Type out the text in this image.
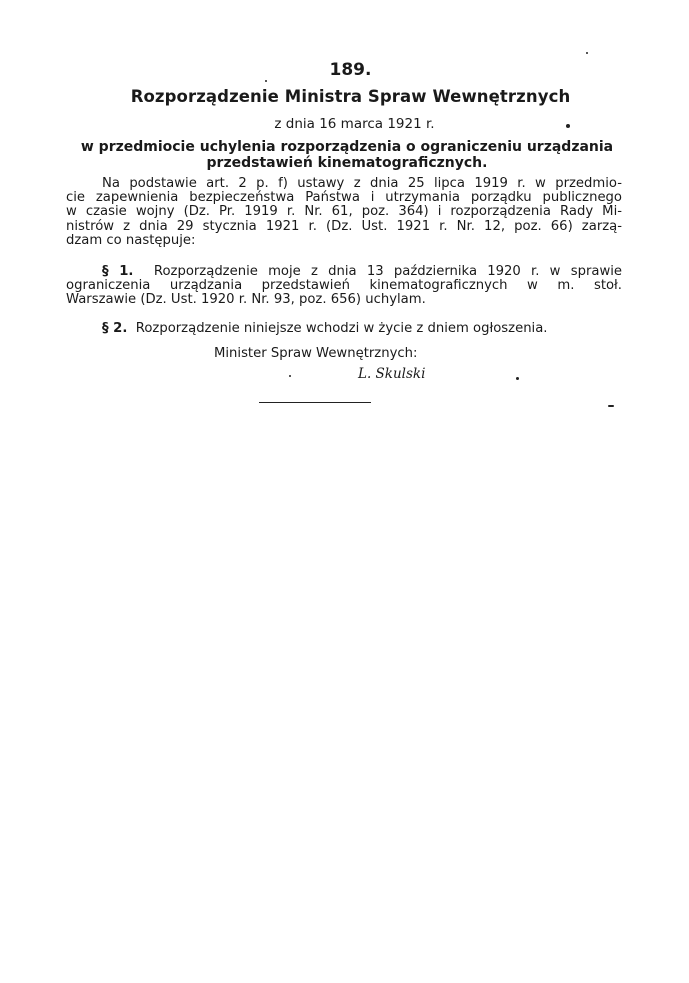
189.
Rozporządzenie Ministra Spraw Wewnętrznych
z dnia 16 marca 1921 r.
w przedmiocie uchylenia rozporządzenia o ograniczeniu urządzania
przedstawień kinematograficznych.
Na podstawie art. 2 p. f) ustawy z dnia 25 lipca 1919 r. w przedmio-
cie zapewnienia bezpieczeństwa Państwa i utrzymania porządku publicznego
w czasie wojny (Dz. Pr. 1919 r. Nr. 61, poz. 364) i rozporządzenia Rady Mi-
nistrów z dnia 29 stycznia 1921 r. (Dz. Ust. 1921 r. Nr. 12, poz. 66) zarzą-
dzam co następuje:
§ 1. Rozporządzenie moje z dnia 13 października 1920 r. w sprawie
ograniczenia urządzania przedstawień kinematograficznych w m. stoł.
Warszawie (Dz. Ust. 1920 r. Nr. 93, poz. 656) uchylam.
§ 2. Rozporządzenie niniejsze wchodzi w życie z dniem ogłoszenia.
Minister Spraw Wewnętrznych:
L. Skulski
